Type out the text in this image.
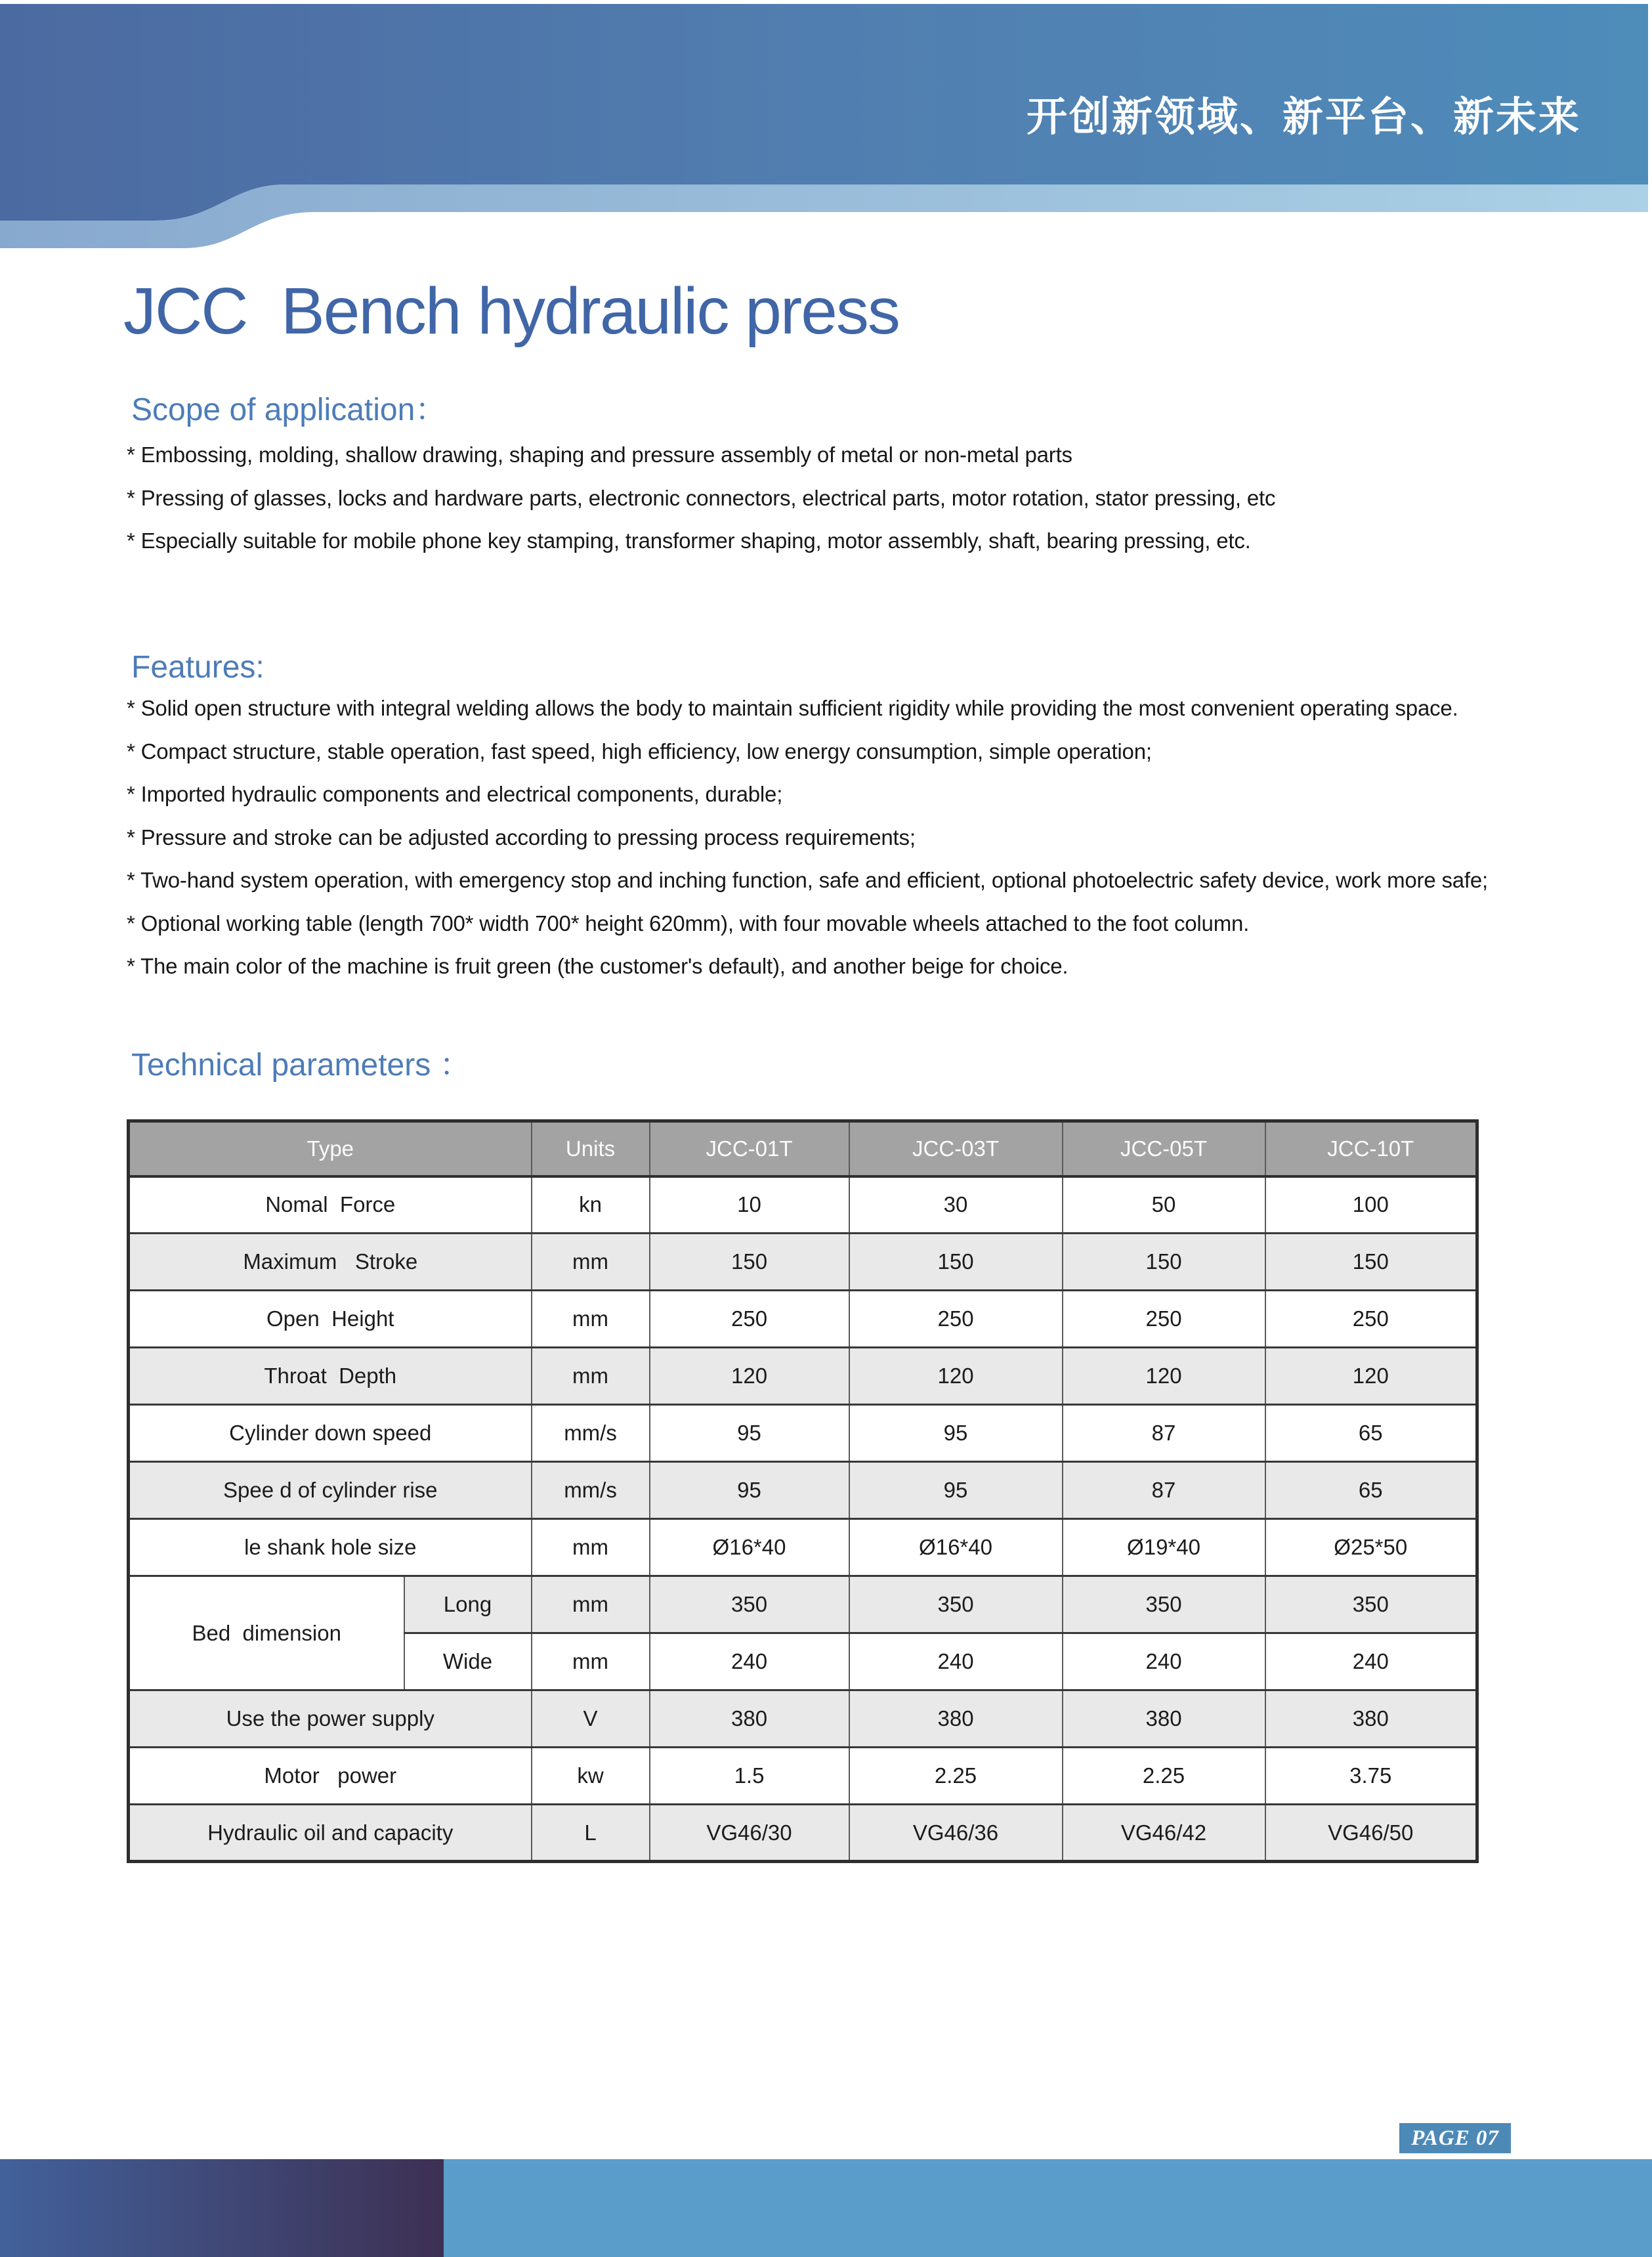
开创新领域、新平台、新未来
JCC  Bench hydraulic press
Scope of application：
* Embossing, molding, shallow drawing, shaping and pressure assembly of metal or non-metal parts
* Pressing of glasses, locks and hardware parts, electronic connectors, electrical parts, motor rotation, stator pressing, etc
* Especially suitable for mobile phone key stamping, transformer shaping, motor assembly, shaft, bearing pressing, etc.
Features:
* Solid open structure with integral welding allows the body to maintain sufficient rigidity while providing the most convenient operating space.
* Compact structure, stable operation, fast speed, high efficiency, low energy consumption, simple operation;
* Imported hydraulic components and electrical components, durable;
* Pressure and stroke can be adjusted according to pressing process requirements;
* Two-hand system operation, with emergency stop and inching function, safe and efficient, optional photoelectric safety device, work more safe;
* Optional working table (length 700* width 700* height 620mm), with four movable wheels attached to the foot column.
* The main color of the machine is fruit green (the customer's default), and another beige for choice.
Technical parameters ：
Type		Units	JCC-01T	JCC-03T	JCC-05T	JCC-10T
Nomal  Force		kn	10	30	50	100
Maximum   Stroke		mm	150	150	150	150
Open  Height		mm	250	250	250	250
Throat  Depth		mm	120	120	120	120
Cylinder down speed		mm/s	95	95	87	65
Spee d of cylinder rise		mm/s	95	95	87	65
le shank hole size		mm	Ø16*40	Ø16*40	Ø19*40	Ø25*50
Bed  dimension	Long	mm	350	350	350	350
	Wide	mm	240	240	240	240
Use the power supply		V	380	380	380	380
Motor   power		kw	1.5	2.25	2.25	3.75
Hydraulic oil and capacity		L	VG46/30	VG46/36	VG46/42	VG46/50
PAGE 07
